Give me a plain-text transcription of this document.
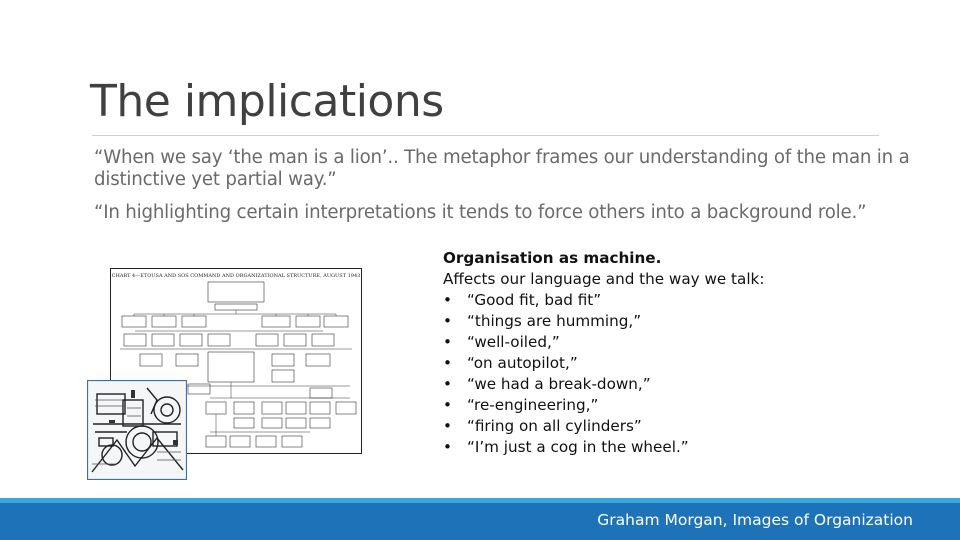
The implications
“When we say ‘the man is a lion’.. The metaphor frames our understanding of the man in a distinctive yet partial way.”
“In highlighting certain interpretations it tends to force others into a background role.”
CHART 4—ETOUSA AND SOS COMMAND AND ORGANIZATIONAL STRUCTURE, AUGUST 1943
Organisation as machine.
Affects our language and the way we talk:
• “Good fit, bad fit”
• “things are humming,”
• “well-oiled,”
• “on autopilot,”
• “we had a break-down,”
• “re-engineering,”
• “firing on all cylinders”
• “I’m just a cog in the wheel.”
Graham Morgan, Images of Organization
